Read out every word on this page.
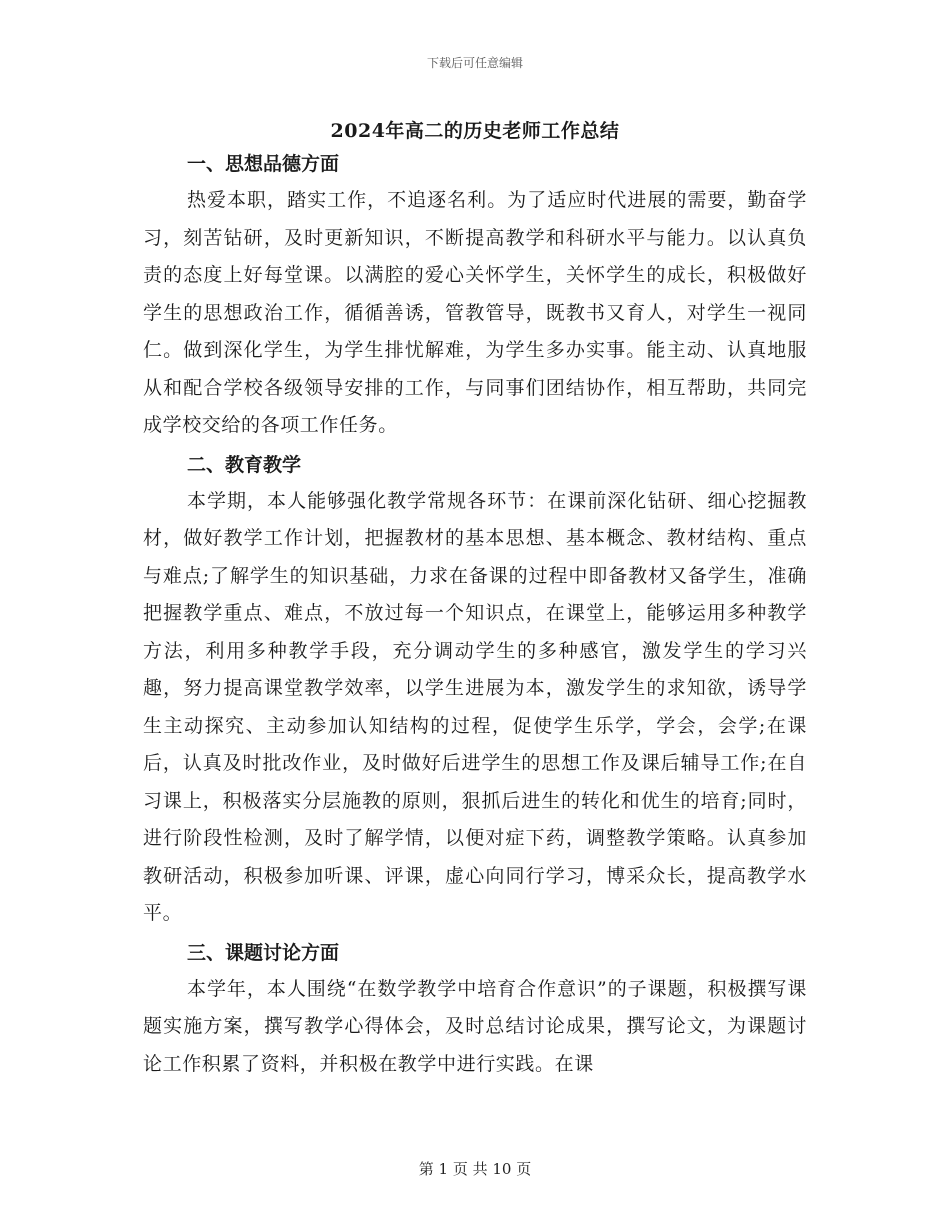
下载后可任意编辑
2024年高二的历史老师工作总结
一、思想品德方面

热爱本职，踏实工作，不追逐名利。为了适应时代进展的需要，勤奋学习，刻苦钻研，及时更新知识，不断提高教学和科研水平与能力。以认真负责的态度上好每堂课。以满腔的爱心关怀学生，关怀学生的成长，积极做好学生的思想政治工作，循循善诱，管教管导，既教书又育人，对学生一视同仁。做到深化学生，为学生排忧解难，为学生多办实事。能主动、认真地服从和配合学校各级领导安排的工作，与同事们团结协作，相互帮助，共同完成学校交给的各项工作任务。

二、教育教学

本学期，本人能够强化教学常规各环节：在课前深化钻研、细心挖掘教材，做好教学工作计划，把握教材的基本思想、基本概念、教材结构、重点与难点;了解学生的知识基础，力求在备课的过程中即备教材又备学生，准确把握教学重点、难点，不放过每一个知识点，在课堂上，能够运用多种教学方法，利用多种教学手段，充分调动学生的多种感官，激发学生的学习兴趣，努力提高课堂教学效率，以学生进展为本，激发学生的求知欲，诱导学生主动探究、主动参加认知结构的过程，促使学生乐学，学会，会学;在课后，认真及时批改作业，及时做好后进学生的思想工作及课后辅导工作;在自习课上，积极落实分层施教的原则，狠抓后进生的转化和优生的培育;同时，进行阶段性检测，及时了解学情，以便对症下药，调整教学策略。认真参加教研活动，积极参加听课、评课，虚心向同行学习，博采众长，提高教学水平。

三、课题讨论方面

本学年，本人围绕“在数学教学中培育合作意识”的子课题，积极撰写课题实施方案，撰写教学心得体会，及时总结讨论成果，撰写论文，为课题讨论工作积累了资料，并积极在教学中进行实践。在课

第 1 页 共 10 页
